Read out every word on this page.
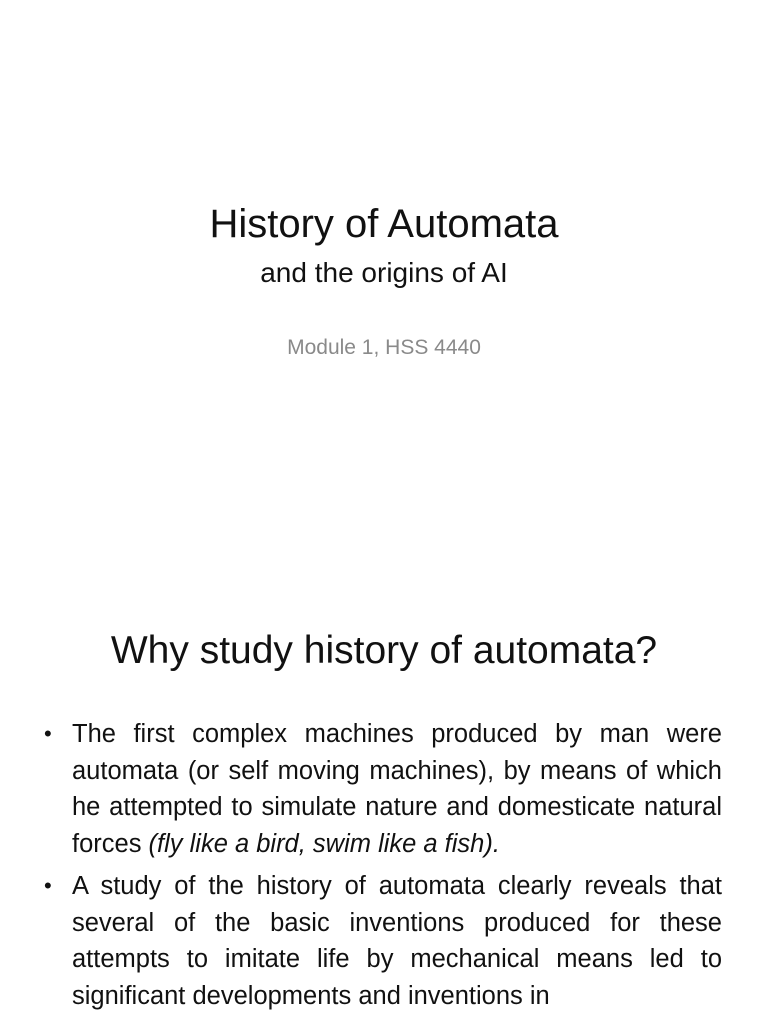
History of Automata
and the origins of AI
Module 1, HSS 4440
Why study history of automata?
• The first complex machines produced by man were automata (or self moving machines), by means of which he attempted to simulate nature and domesticate natural forces (fly like a bird, swim like a fish).
• A study of the history of automata clearly reveals that several of the basic inventions produced for these attempts to imitate life by mechanical means led to significant developments and inventions in
